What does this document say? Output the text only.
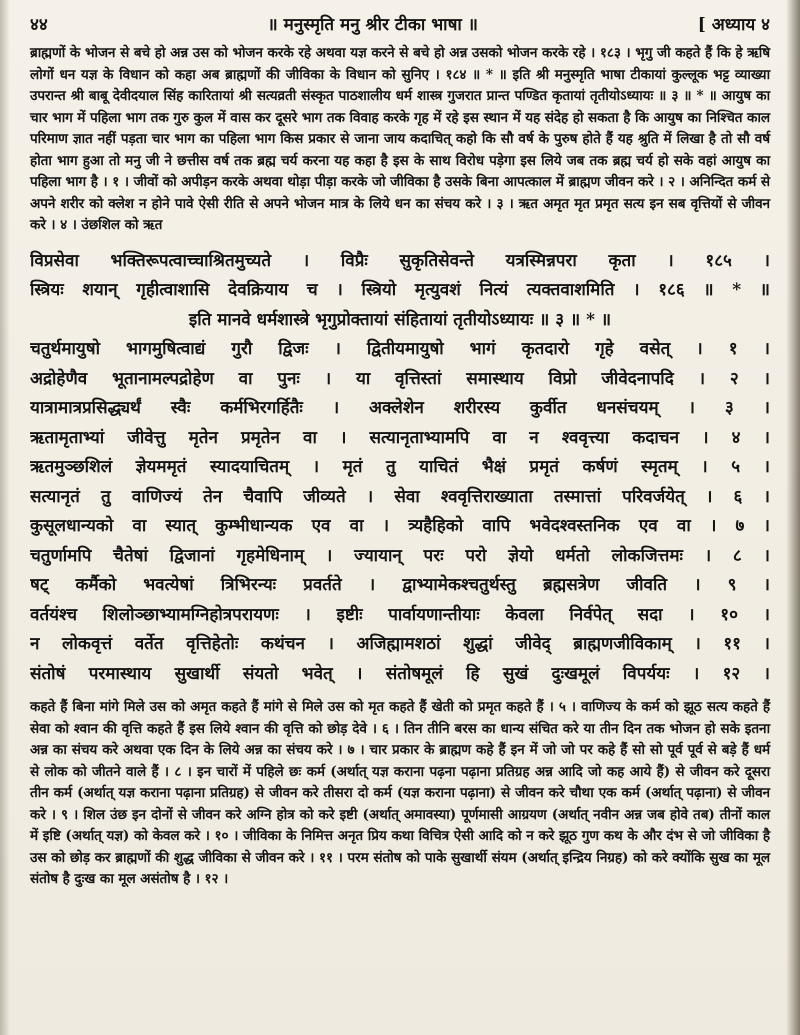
४४	॥ मनुस्मृति मनु श्रीर टीका भाषा ॥	[ अध्याय ४

ब्राह्मणों के भोजन से बचे हो अन्न उस को भोजन करके रहे अथवा यज्ञ करने से बचे हो अन्न उसको भोजन करके रहे । १८३ । भृगु जी कहते हैं कि हे ऋषि लोगों धन यज्ञ के विधान को कहा अब ब्राह्मणों की जीविका के विधान को सुनिए । १८४ ॥ * ॥ इति श्री मनुस्मृति भाषा टीकायां कुल्लूक भट्ट व्याख्या उपरान्त श्री बाबू देवीदयाल सिंह कारितायां श्री सत्यव्रती संस्कृत पाठशालीय धर्म शास्त्र गुजरात प्रान्त पण्डित कृतायां तृतीयोऽध्यायः ॥ ३ ॥ * ॥ आयुष का चार भाग में पहिला भाग तक गुरु कुल में वास कर दूसरे भाग तक विवाह करके गृह में रहे इस स्थान में यह संदेह हो सकता है कि आयुष का निश्चित काल परिमाण ज्ञात नहीं पड़ता चार भाग का पहिला भाग किस प्रकार से जाना जाय कदाचित् कहो कि सौ वर्ष के पुरुष होते हैं यह श्रुति में लिखा है तो सौ वर्ष होता भाग हुआ तो मनु जी ने छत्तीस वर्ष तक ब्रह्म चर्य करना यह कहा है इस के साथ विरोध पड़ेगा इस लिये जब तक ब्रह्म चर्य हो सके वहां आयुष का पहिला भाग है । १ । जीवों को अपीड़न करके अथवा थोड़ा पीड़ा करके जो जीविका है उसके बिना आपत्काल में ब्राह्मण जीवन करे । २ । अनिन्दित कर्म से अपने शरीर को क्लेश न होने पावे ऐसी रीति से अपने भोजन मात्र के लिये धन का संचय करे । ३ । ऋत अमृत मृत प्रमृत सत्य इन सब वृत्तियों से जीवन करे । ४ । उंछशिल को ऋत

विप्रसेवा भक्तिरूपत्वाच्चाश्रितमुच्यते । विप्रैः सुकृतिसेवन्ते यत्रस्मिन्नपरा कृता । १८५ ।
स्त्रियः शयान् गृहीत्वाशासि देवक्रियाय च । स्त्रियो मृत्युवशं नित्यं त्यक्तवाशमिति । १८६ ॥ * ॥
इति मानवे धर्मशास्त्रे भृगुप्रोक्तायां संहितायां तृतीयोऽध्यायः ॥ ३ ॥ * ॥
चतुर्थमायुषो भागमुषित्वाद्यं गुरौ द्विजः । द्वितीयमायुषो भागं कृतदारो गृहे वसेत् । १ ।
अद्रोहेणैव भूतानामल्पद्रोहेण वा पुनः । या वृत्तिस्तां समास्थाय विप्रो जीवेदनापदि । २ ।
यात्रामात्रप्रसिद्ध्यर्थं स्वैः कर्मभिरगर्हितैः । अक्लेशेन शरीरस्य कुर्वीत धनसंचयम् । ३ ।
ऋतामृताभ्यां जीवेत्तु मृतेन प्रमृतेन वा । सत्यानृताभ्यामपि वा न श्ववृत्त्या कदाचन । ४ ।
ऋतमुञ्छशिलं ज्ञेयममृतं स्यादयाचितम् । मृतं तु याचितं भैक्षं प्रमृतं कर्षणं स्मृतम् । ५ ।
सत्यानृतं तु वाणिज्यं तेन चैवापि जीव्यते । सेवा श्ववृत्तिराख्याता तस्मात्तां परिवर्जयेत् । ६ ।
कुसूलधान्यको वा स्यात् कुम्भीधान्यक एव वा । त्र्यहैहिको वापि भवेदश्वस्तनिक एव वा । ७ ।
चतुर्णामपि चैतेषां द्विजानां गृहमेधिनाम् । ज्यायान् परः परो ज्ञेयो धर्मतो लोकजित्तमः । ८ ।
षट् कर्मैको भवत्येषां त्रिभिरन्यः प्रवर्तते । द्वाभ्यामेकश्चतुर्थस्तु ब्रह्मसत्रेण जीवति । ९ ।
वर्तयंश्च शिलोञ्छाभ्यामग्निहोत्रपरायणः । इष्टीः पार्वायणान्तीयाः केवला निर्वपेत् सदा । १० ।
न लोकवृत्तं वर्तेत वृत्तिहेतोः कथंचन । अजिह्मामशठां शुद्धां जीवेद् ब्राह्मणजीविकाम् । ११ ।
संतोषं परमास्थाय सुखार्थी संयतो भवेत् । संतोषमूलं हि सुखं दुःखमूलं विपर्ययः । १२ ।

कहते हैं बिना मांगे मिले उस को अमृत कहते हैं मांगे से मिले उस को मृत कहते हैं खेती को प्रमृत कहते हैं । ५ । वाणिज्य के कर्म को झूठ सत्य कहते हैं सेवा को श्वान की वृत्ति कहते हैं इस लिये श्वान की वृत्ति को छोड़ देवे । ६ । तिन तीनि बरस का धान्य संचित करे या तीन दिन तक भोजन हो सके इतना अन्न का संचय करे अथवा एक दिन के लिये अन्न का संचय करे । ७ । चार प्रकार के ब्राह्मण कहे हैं इन में जो जो पर कहे हैं सो सो पूर्व पूर्व से बड़े हैं धर्म से लोक को जीतने वाले हैं । ८ । इन चारों में पहिले छः कर्म (अर्थात् यज्ञ कराना पढ़ना पढ़ाना प्रतिग्रह अन्न आदि जो कह आये हैं) से जीवन करे दूसरा तीन कर्म (अर्थात् यज्ञ कराना पढ़ाना प्रतिग्रह) से जीवन करे तीसरा दो कर्म (यज्ञ कराना पढ़ाना) से जीवन करे चौथा एक कर्म (अर्थात् पढ़ाना) से जीवन करे । ९ । शिल उंछ इन दोनों से जीवन करे अग्नि होत्र को करे इष्टी (अर्थात् अमावस्या) पूर्णमासी आग्रयण (अर्थात् नवीन अन्न जब होवे तब) तीनों काल में इष्टि (अर्थात् यज्ञ) को केवल करे । १० । जीविका के निमित्त अनृत प्रिय कथा विचित्र ऐसी आदि को न करे झूठ गुण कथ के और दंभ से जो जीविका है उस को छोड़ कर ब्राह्मणों की शुद्ध जीविका से जीवन करे । ११ । परम संतोष को पाके सुखार्थी संयम (अर्थात् इन्द्रिय निग्रह) को करे क्योंकि सुख का मूल संतोष है दुःख का मूल असंतोष है । १२ ।
